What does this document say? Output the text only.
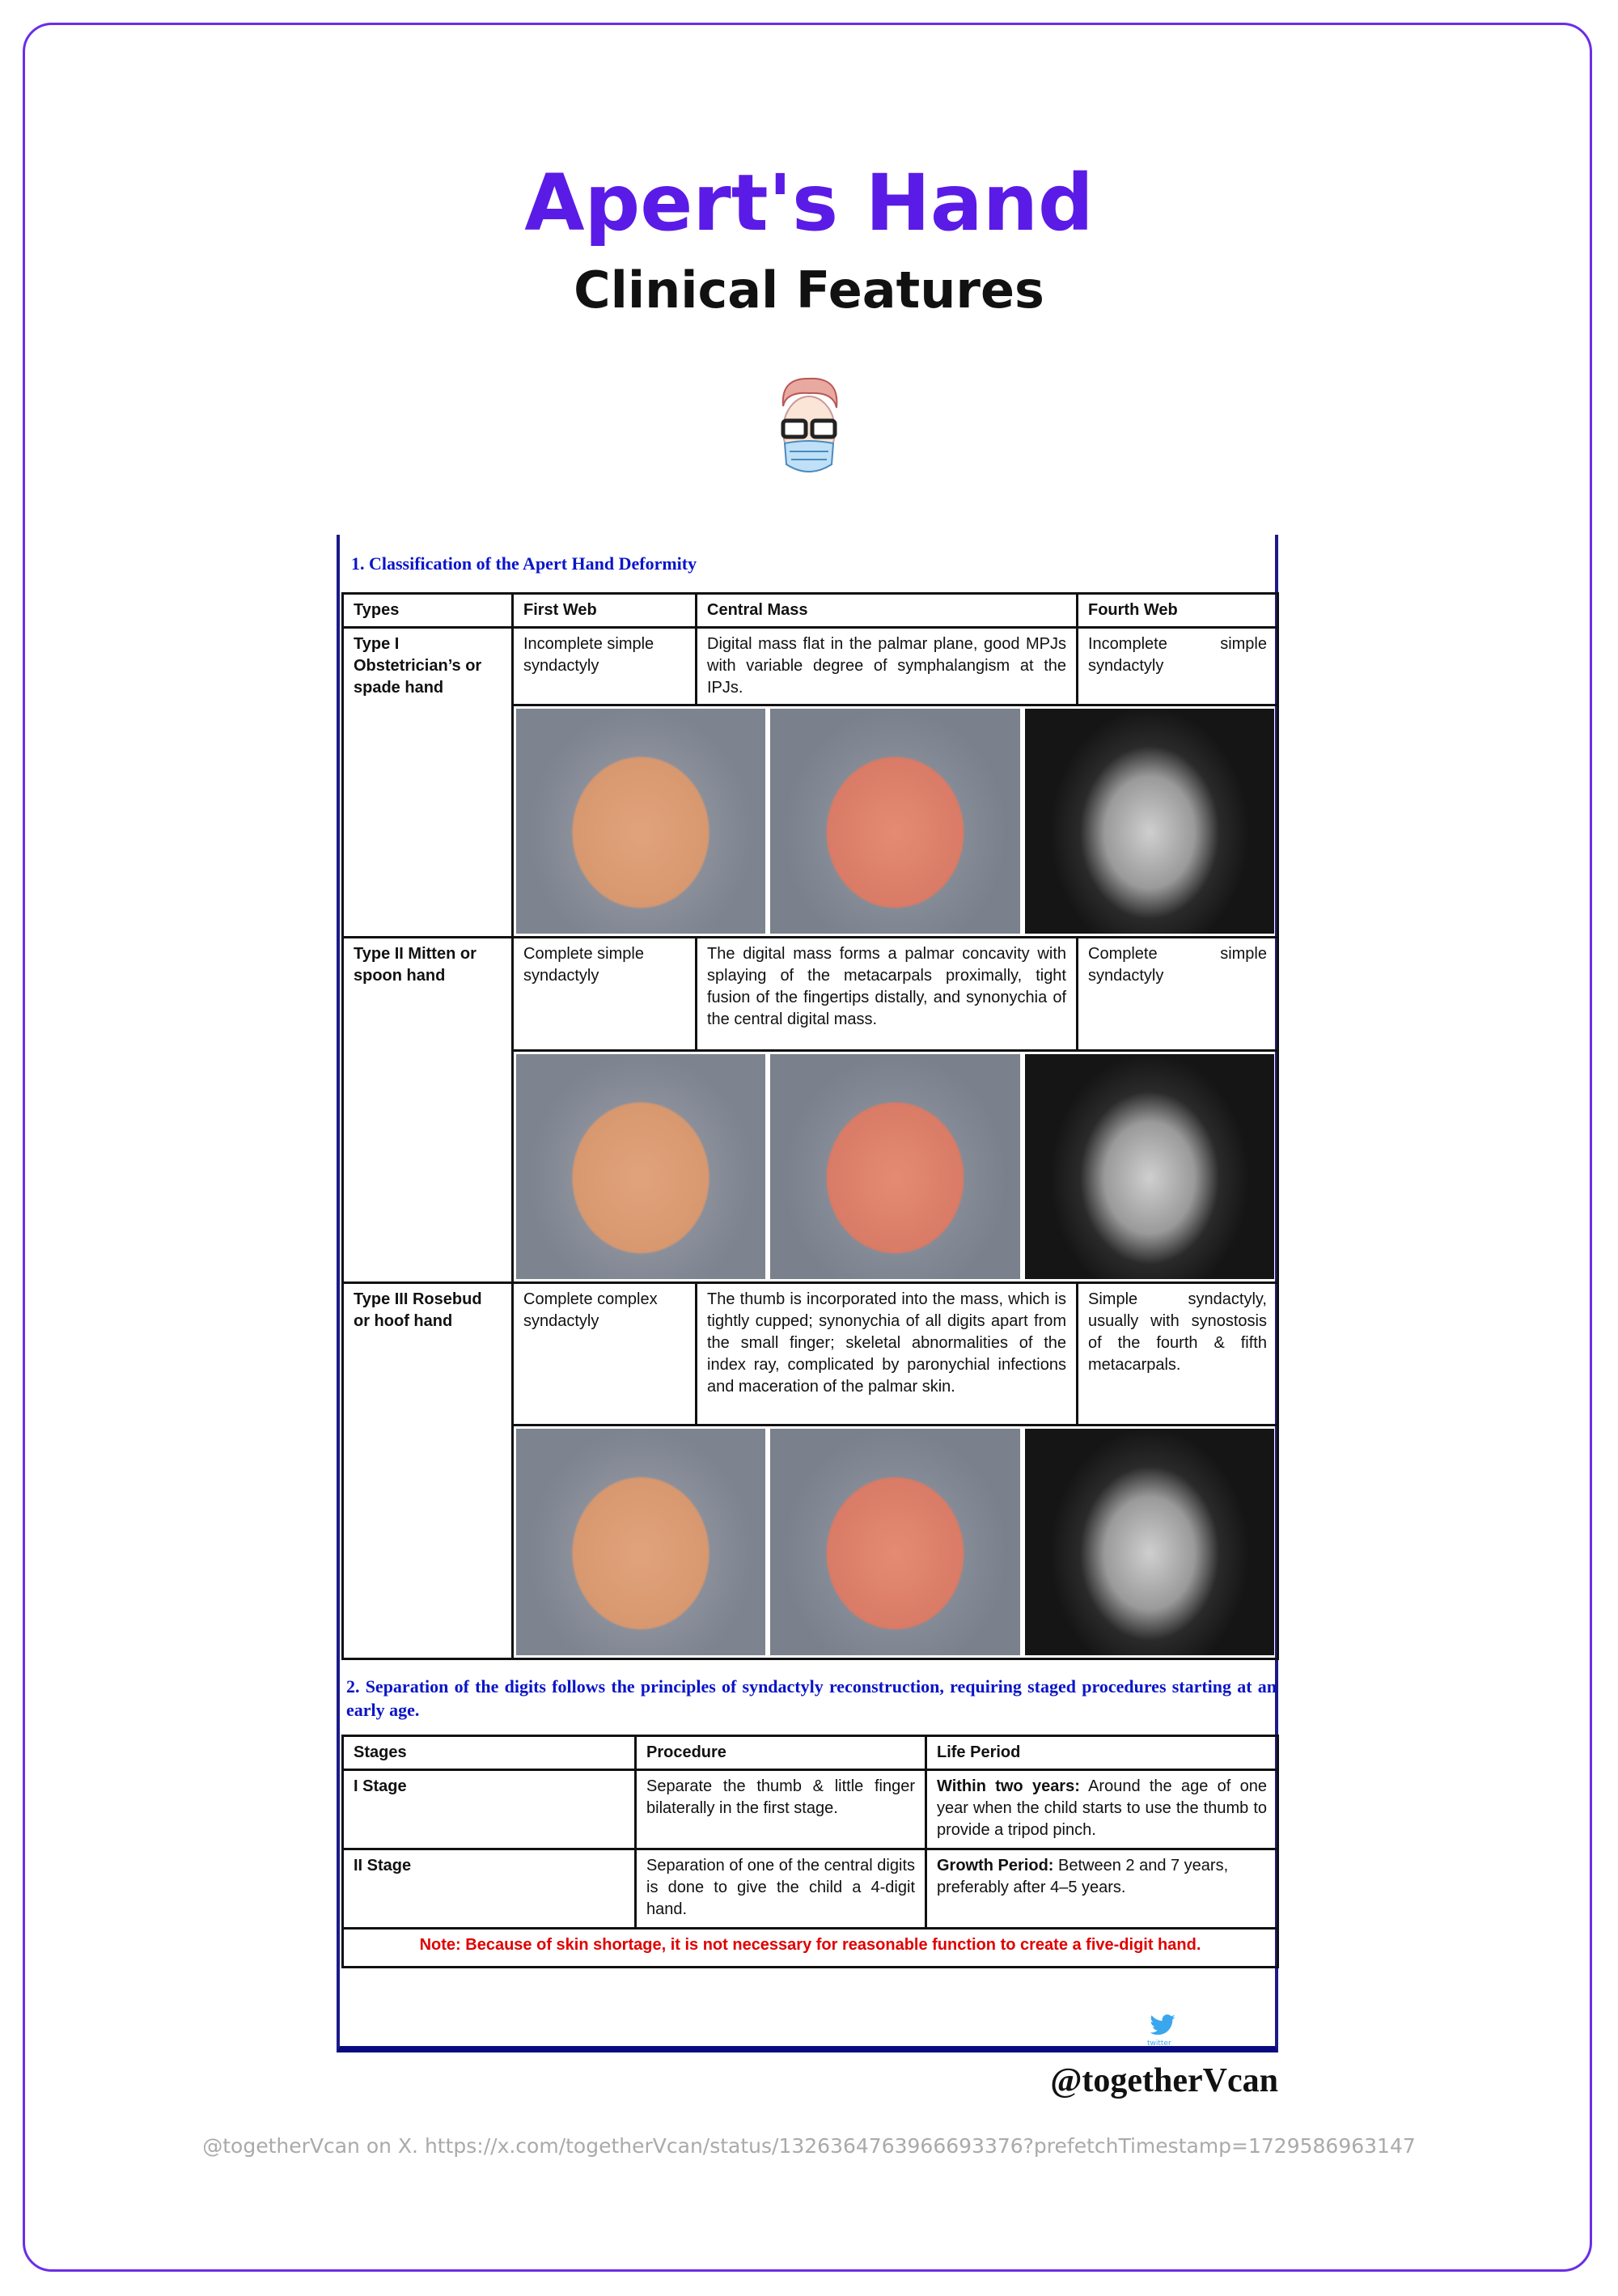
Apert's Hand
Clinical Features
1. Classification of the Apert Hand Deformity
Types	First Web	Central Mass	Fourth Web
Type I Obstetrician’s or spade hand	Incomplete simple syndactyly	Digital mass flat in the palmar plane, good MPJs with variable degree of symphalangism at the IPJs.	Incomplete simple syndactyly

Type II Mitten or spoon hand	Complete simple syndactyly	The digital mass forms a palmar concavity with splaying of the metacarpals proximally, tight fusion of the fingertips distally, and synonychia of the central digital mass.	Complete simple syndactyly

Type III Rosebud or hoof hand	Complete complex syndactyly	The thumb is incorporated into the mass, which is tightly cupped; synonychia of all digits apart from the small finger; skeletal abnormalities of the index ray, complicated by paronychial infections and maceration of the palmar skin.	Simple syndactyly, usually with synostosis of the fourth & fifth metacarpals.

2. Separation of the digits follows the principles of syndactyly reconstruction, requiring staged procedures starting at an early age.
Stages	Procedure	Life Period
I Stage	Separate the thumb & little finger bilaterally in the first stage.	Within two years: Around the age of one year when the child starts to use the thumb to provide a tripod pinch.
II Stage	Separation of one of the central digits is done to give the child a 4-digit hand.	Growth Period: Between 2 and 7 years, preferably after 4–5 years.
Note: Because of skin shortage, it is not necessary for reasonable function to create a five-digit hand.		
twitter
@togetherVcan
@togetherVcan on X. https://x.com/togetherVcan/status/1326364763966693376?prefetchTimestamp=1729586963147
